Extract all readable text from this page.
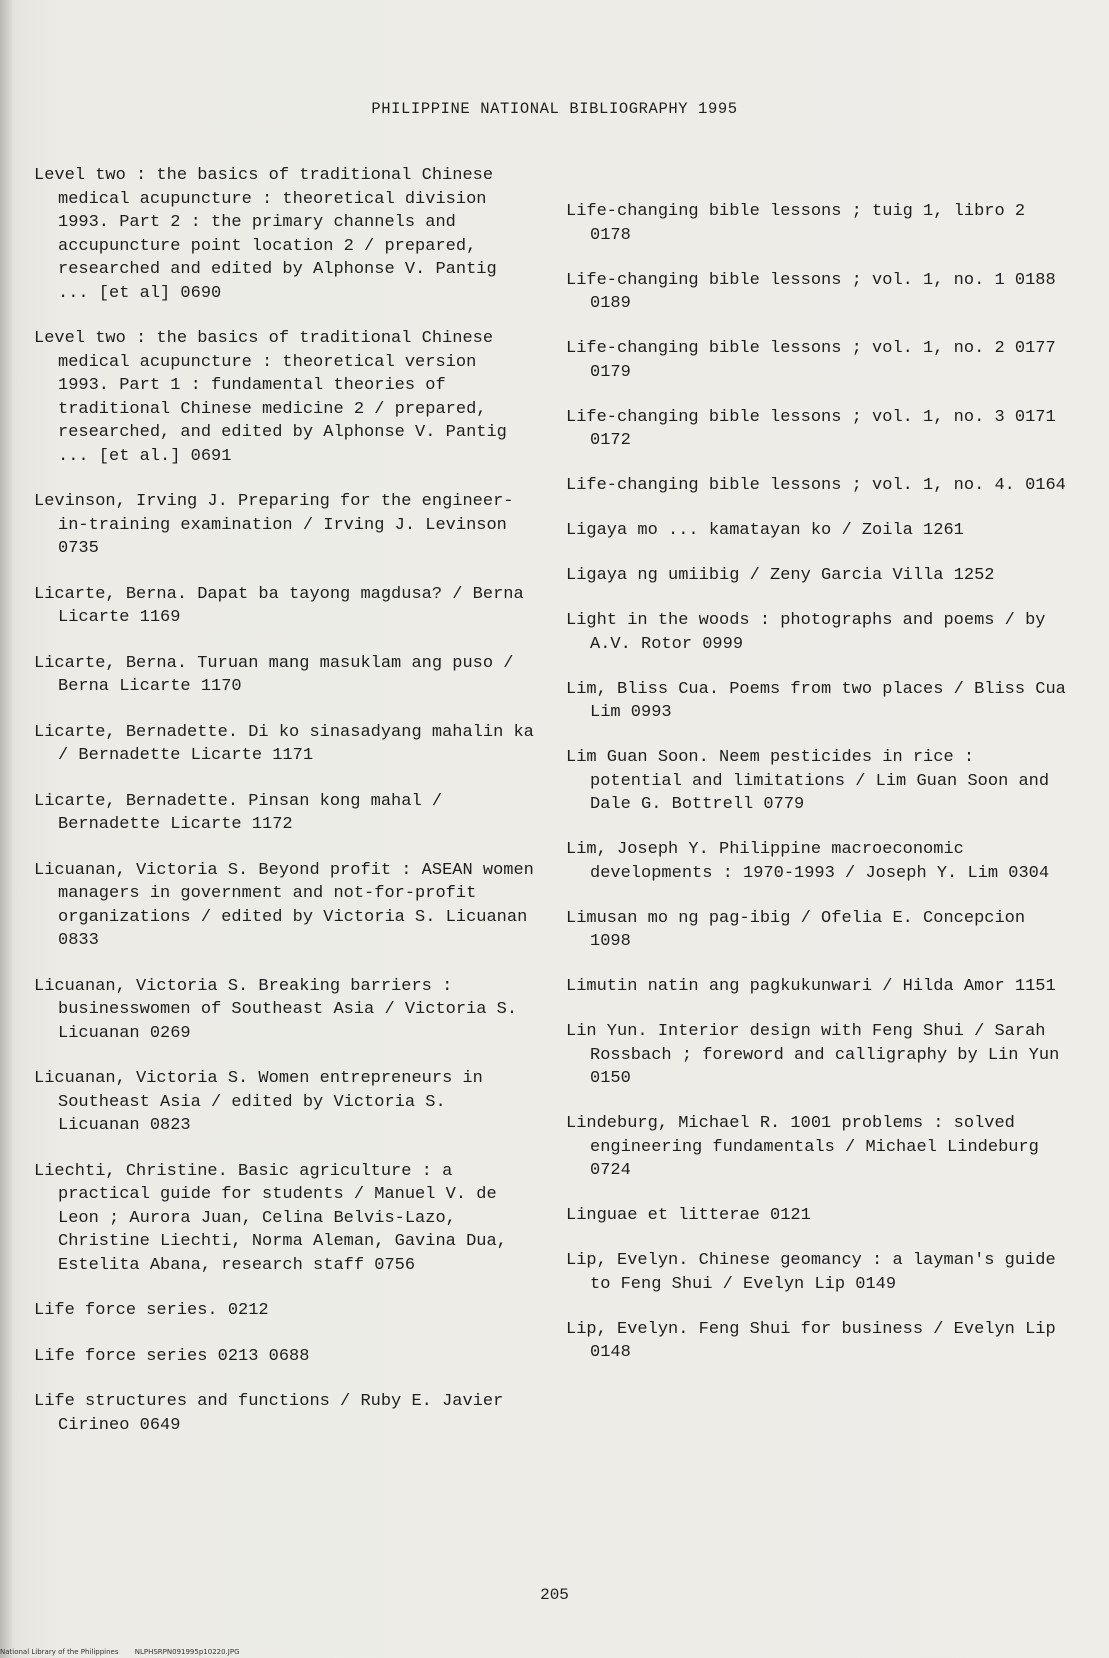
PHILIPPINE NATIONAL BIBLIOGRAPHY 1995
Level two : the basics of traditional Chinese medical acupuncture : theoretical division 1993. Part 2 : the primary channels and accupuncture point location 2 / prepared, researched and edited by Alphonse V. Pantig ... [et al] 0690
Level two : the basics of traditional Chinese medical acupuncture : theoretical version 1993. Part 1 : fundamental theories of traditional Chinese medicine 2 / prepared, researched, and edited by Alphonse V. Pantig ... [et al.] 0691
Levinson, Irving J. Preparing for the engineer-in-training examination / Irving J. Levinson 0735
Licarte, Berna. Dapat ba tayong magdusa? / Berna Licarte 1169
Licarte, Berna. Turuan mang masuklam ang puso / Berna Licarte 1170
Licarte, Bernadette. Di ko sinasadyang mahalin ka / Bernadette Licarte 1171
Licarte, Bernadette. Pinsan kong mahal / Bernadette Licarte 1172
Licuanan, Victoria S. Beyond profit : ASEAN women managers in government and not-for-profit organizations / edited by Victoria S. Licuanan 0833
Licuanan, Victoria S. Breaking barriers : businesswomen of Southeast Asia / Victoria S. Licuanan 0269
Licuanan, Victoria S. Women entrepreneurs in Southeast Asia / edited by Victoria S. Licuanan 0823
Liechti, Christine. Basic agriculture : a practical guide for students / Manuel V. de Leon ; Aurora Juan, Celina Belvis-Lazo, Christine Liechti, Norma Aleman, Gavina Dua, Estelita Abana, research staff 0756
Life force series. 0212
Life force series 0213 0688
Life structures and functions / Ruby E. Javier Cirineo 0649
Life-changing bible lessons ; tuig 1, libro 2 0178
Life-changing bible lessons ; vol. 1, no. 1 0188 0189
Life-changing bible lessons ; vol. 1, no. 2 0177 0179
Life-changing bible lessons ; vol. 1, no. 3 0171 0172
Life-changing bible lessons ; vol. 1, no. 4. 0164
Ligaya mo ... kamatayan ko / Zoila 1261
Ligaya ng umiibig / Zeny Garcia Villa 1252
Light in the woods : photographs and poems / by A.V. Rotor 0999
Lim, Bliss Cua. Poems from two places / Bliss Cua Lim 0993
Lim Guan Soon. Neem pesticides in rice : potential and limitations / Lim Guan Soon and Dale G. Bottrell 0779
Lim, Joseph Y. Philippine macroeconomic developments : 1970-1993 / Joseph Y. Lim 0304
Limusan mo ng pag-ibig / Ofelia E. Concepcion 1098
Limutin natin ang pagkukunwari / Hilda Amor 1151
Lin Yun. Interior design with Feng Shui / Sarah Rossbach ; foreword and calligraphy by Lin Yun 0150
Lindeburg, Michael R. 1001 problems : solved engineering fundamentals / Michael Lindeburg 0724
Linguae et litterae 0121
Lip, Evelyn. Chinese geomancy : a layman's guide to Feng Shui / Evelyn Lip 0149
Lip, Evelyn. Feng Shui for business / Evelyn Lip 0148
205
National Library of the Philippines NLPHSRPN091995p10220.JPG
